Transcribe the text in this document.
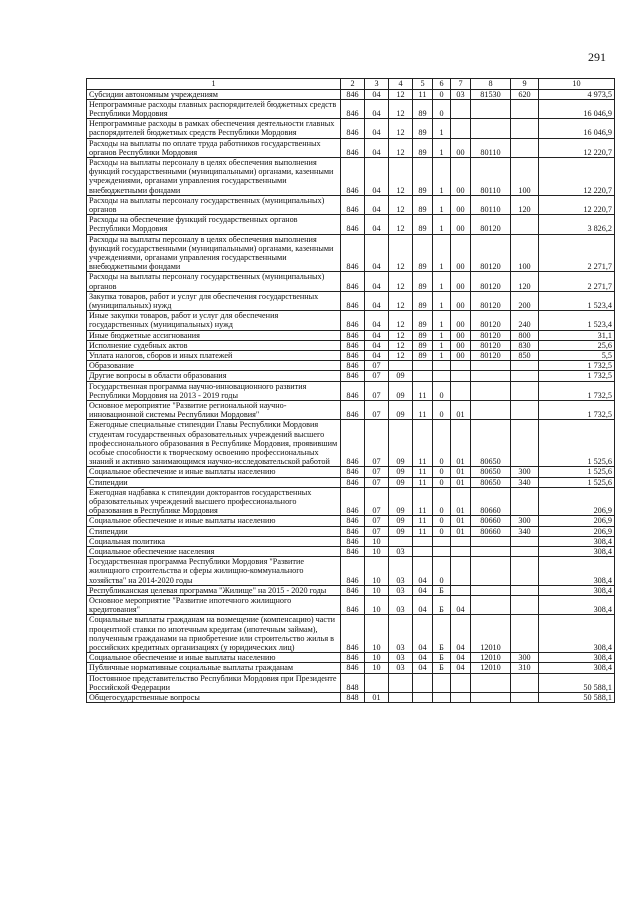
291
1	2	3	4	5	6	7	8	9	10
Субсидии автономным учреждениям	846	04	12	11	0	03	81530	620	4 973,5
Непрограммные расходы главных распорядителей бюджетных средств Республики Мордовия	846	04	12	89	0				16 046,9
Непрограммные расходы в рамках обеспечения деятельности главных распорядителей бюджетных средств Республики Мордовия	846	04	12	89	1				16 046,9
Расходы на выплаты по оплате труда работников государственных органов Республики Мордовия	846	04	12	89	1	00	80110		12 220,7
Расходы на выплаты персоналу в целях обеспечения выполнения функций государственными (муниципальными) органами, казенными учреждениями, органами управления государственными внебюджетными фондами	846	04	12	89	1	00	80110	100	12 220,7
Расходы на выплаты персоналу государственных (муниципальных) органов	846	04	12	89	1	00	80110	120	12 220,7
Расходы на обеспечение функций государственных органов Республики Мордовия	846	04	12	89	1	00	80120		3 826,2
Расходы на выплаты персоналу в целях обеспечения выполнения функций государственными (муниципальными) органами, казенными учреждениями, органами управления государственными внебюджетными фондами	846	04	12	89	1	00	80120	100	2 271,7
Расходы на выплаты персоналу государственных (муниципальных) органов	846	04	12	89	1	00	80120	120	2 271,7
Закупка товаров, работ и услуг для обеспечения государственных (муниципальных) нужд	846	04	12	89	1	00	80120	200	1 523,4
Иные закупки товаров, работ и услуг для обеспечения государственных (муниципальных) нужд	846	04	12	89	1	00	80120	240	1 523,4
Иные бюджетные ассигнования	846	04	12	89	1	00	80120	800	31,1
Исполнение судебных актов	846	04	12	89	1	00	80120	830	25,6
Уплата налогов, сборов и иных платежей	846	04	12	89	1	00	80120	850	5,5
Образование	846	07							1 732,5
Другие вопросы в области образования	846	07	09						1 732,5
Государственная программа научно-инновационного развития Республики Мордовия на 2013 - 2019 годы	846	07	09	11	0				1 732,5
Основное мероприятие "Развитие региональной научно-инновационной системы Республики Мордовия"	846	07	09	11	0	01			1 732,5
Ежегодные специальные стипендии Главы Республики Мордовия студентам государственных образовательных учреждений высшего профессионального образования в Республике Мордовия, проявившим особые способности к творческому освоению профессиональных знаний и активно занимающимся научно-исследовательской работой	846	07	09	11	0	01	80650		1 525,6
Социальное обеспечение и иные выплаты населению	846	07	09	11	0	01	80650	300	1 525,6
Стипендии	846	07	09	11	0	01	80650	340	1 525,6
Ежегодная надбавка к стипендии докторантов государственных образовательных учреждений высшего профессионального образования в Республике Мордовия	846	07	09	11	0	01	80660		206,9
Социальное обеспечение и иные выплаты населению	846	07	09	11	0	01	80660	300	206,9
Стипендии	846	07	09	11	0	01	80660	340	206,9
Социальная политика	846	10							308,4
Социальное обеспечение населения	846	10	03						308,4
Государственная программа Республики Мордовия "Развитие жилищного строительства и сферы жилищно-коммунального хозяйства" на 2014-2020 годы	846	10	03	04	0				308,4
Республиканская целевая программа "Жилище" на 2015 - 2020 годы	846	10	03	04	Б				308,4
Основное мероприятие "Развитие ипотечного жилищного кредитования"	846	10	03	04	Б	04			308,4
Социальные выплаты гражданам на возмещение (компенсацию) части процентной ставки по ипотечным кредитам (ипотечным займам), полученным гражданами на приобретение или строительство жилья в российских кредитных организациях (у юридических лиц)	846	10	03	04	Б	04	12010		308,4
Социальное обеспечение и иные выплаты населению	846	10	03	04	Б	04	12010	300	308,4
Публичные нормативные социальные выплаты гражданам	846	10	03	04	Б	04	12010	310	308,4
Постоянное представительство Республики Мордовия при Президенте Российской Федерации	848								50 588,1
Общегосударственные вопросы	848	01							50 588,1
